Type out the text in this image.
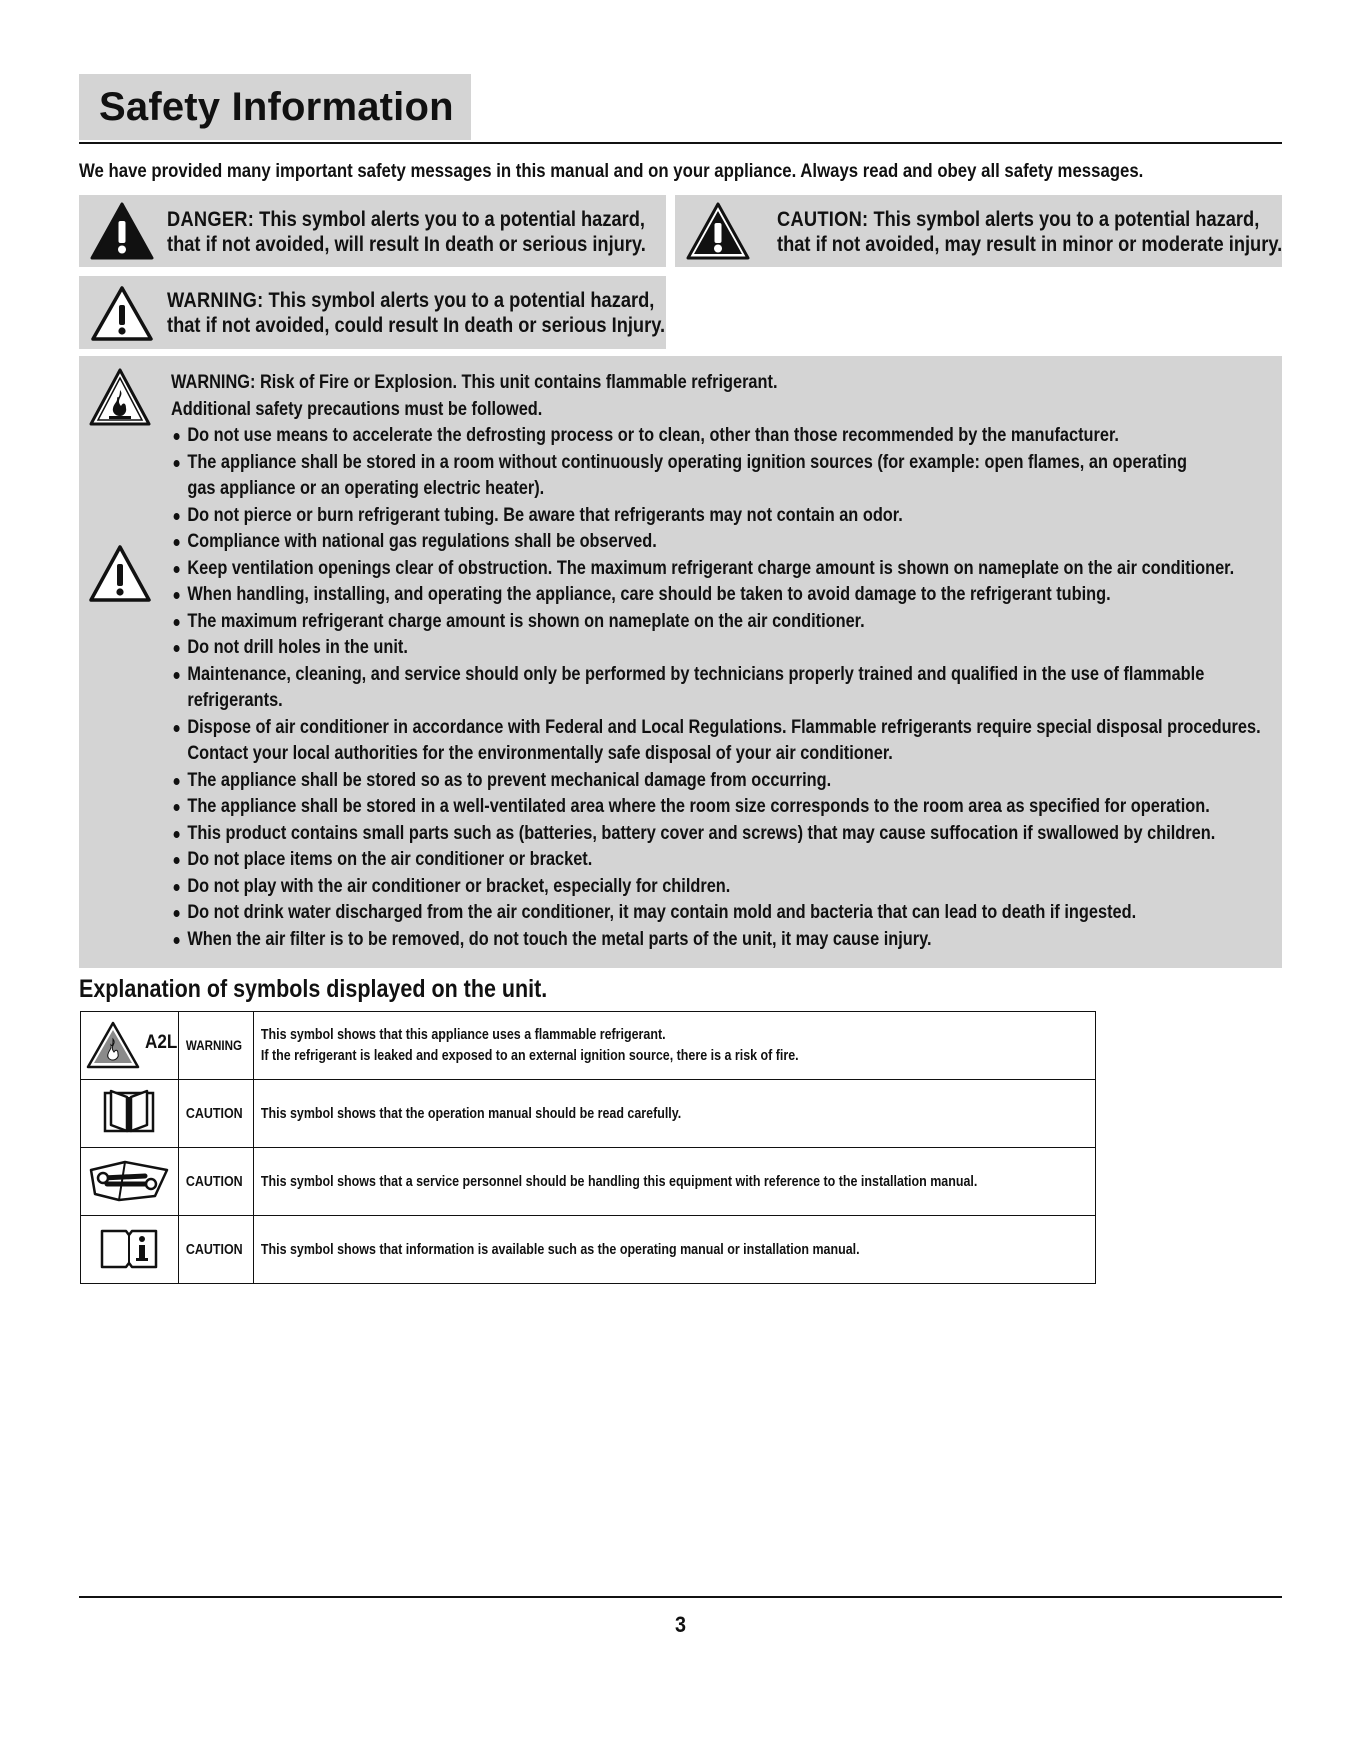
Safety Information
We have provided many important safety messages in this manual and on your appliance. Always read and obey all safety messages.
DANGER: This symbol alerts you to a potential hazard,
that if not avoided, will result In death or serious injury.
CAUTION: This symbol alerts you to a potential hazard,
that if not avoided, may result in minor or moderate injury.
WARNING: This symbol alerts you to a potential hazard,
that if not avoided, could result In death or serious Injury.
WARNING: Risk of Fire or Explosion. This unit contains flammable refrigerant.
Additional safety precautions must be followed.
Do not use means to accelerate the defrosting process or to clean, other than those recommended by the manufacturer.
The appliance shall be stored in a room without continuously operating ignition sources (for example: open flames, an operating
gas appliance or an operating electric heater).
Do not pierce or burn refrigerant tubing. Be aware that refrigerants may not contain an odor.
Compliance with national gas regulations shall be observed.
Keep ventilation openings clear of obstruction. The maximum refrigerant charge amount is shown on nameplate on the air conditioner.
When handling, installing, and operating the appliance, care should be taken to avoid damage to the refrigerant tubing.
The maximum refrigerant charge amount is shown on nameplate on the air conditioner.
Do not drill holes in the unit.
Maintenance, cleaning, and service should only be performed by technicians properly trained and qualified in the use of flammable
refrigerants.
Dispose of air conditioner in accordance with Federal and Local Regulations. Flammable refrigerants require special disposal procedures.
Contact your local authorities for the environmentally safe disposal of your air conditioner.
The appliance shall be stored so as to prevent mechanical damage from occurring.
The appliance shall be stored in a well-ventilated area where the room size corresponds to the room area as specified for operation.
This product contains small parts such as (batteries, battery cover and screws) that may cause suffocation if swallowed by children.
Do not place items on the air conditioner or bracket.
Do not play with the air conditioner or bracket, especially for children.
Do not drink water discharged from the air conditioner, it may contain mold and bacteria that can lead to death if ingested.
When the air filter is to be removed, do not touch the metal parts of the unit, it may cause injury.
Explanation of symbols displayed on the unit.
A2L	WARNING	This symbol shows that this appliance uses a flammable refrigerant.
If the refrigerant is leaked and exposed to an external ignition source, there is a risk of fire.

	CAUTION	This symbol shows that the operation manual should be read carefully.
	CAUTION	This symbol shows that a service personnel should be handling this equipment with reference to the installation manual.
	CAUTION	This symbol shows that information is available such as the operating manual or installation manual.
3
